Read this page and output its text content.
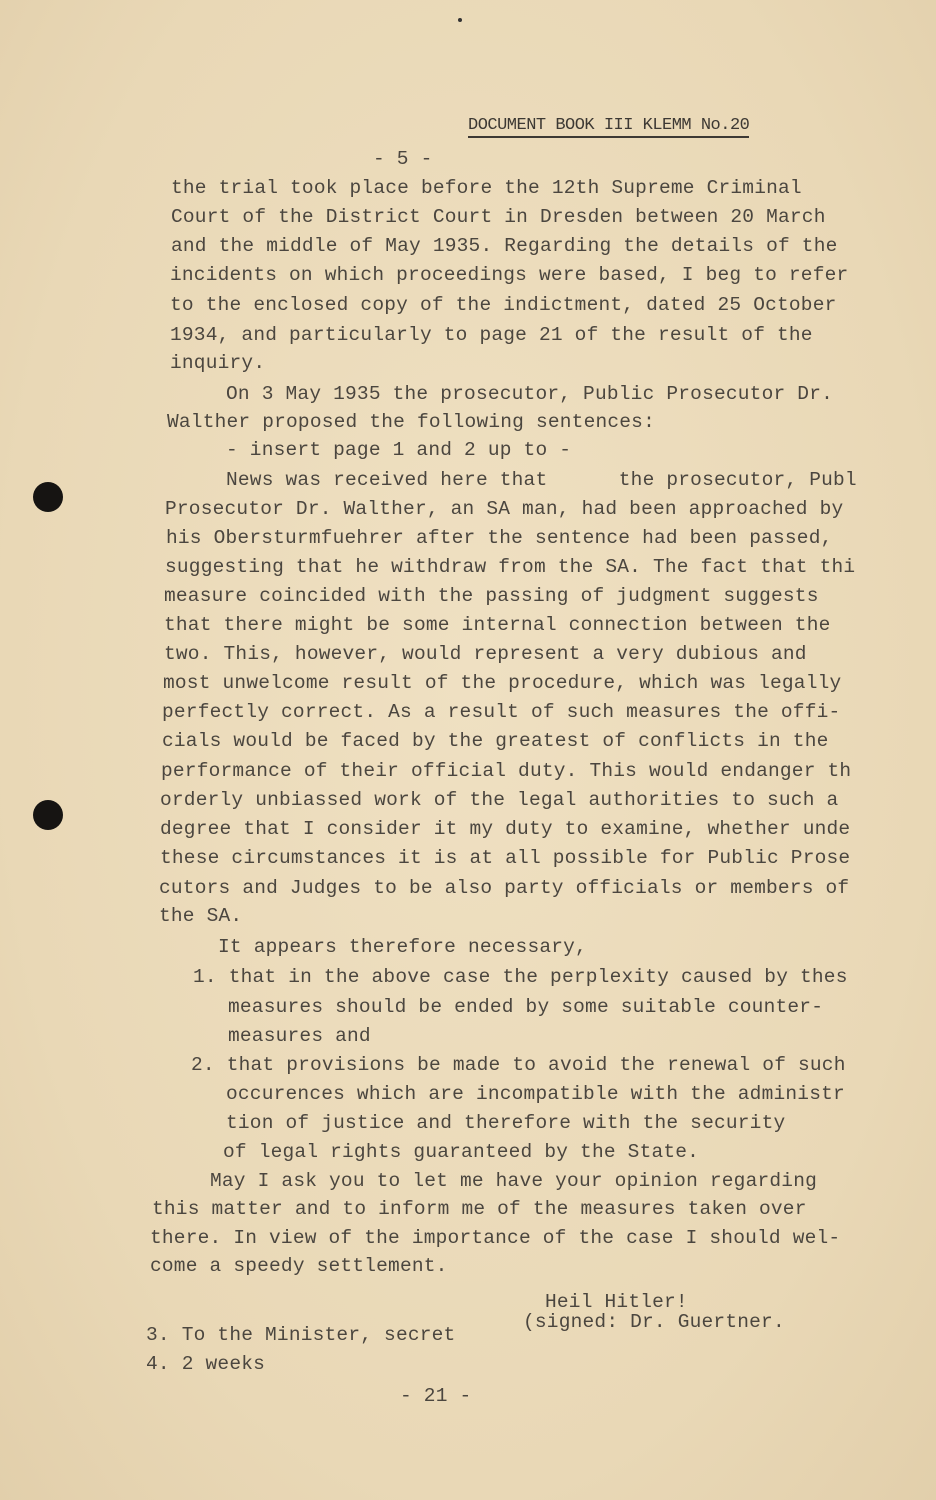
DOCUMENT BOOK III KLEMM No.20
- 5 -
the trial took place before the 12th Supreme Criminal
Court of the District Court in Dresden between 20 March
and the middle of May 1935. Regarding the details of the
incidents on which proceedings were based, I beg to refer
to the enclosed copy of the indictment, dated 25 October
1934, and particularly to page 21 of the result of the
inquiry.
On 3 May 1935 the prosecutor, Public Prosecutor Dr.
Walther proposed the following sentences:
- insert page 1 and 2 up to -
News was received here that      the prosecutor, Publ
Prosecutor Dr. Walther, an SA man, had been approached by
his Obersturmfuehrer after the sentence had been passed,
suggesting that he withdraw from the SA. The fact that thi
measure coincided with the passing of judgment suggests
that there might be some internal connection between the
two. This, however, would represent a very dubious and
most unwelcome result of the procedure, which was legally
perfectly correct. As a result of such measures the offi-
cials would be faced by the greatest of conflicts in the
performance of their official duty. This would endanger th
orderly unbiassed work of the legal authorities to such a
degree that I consider it my duty to examine, whether unde
these circumstances it is at all possible for Public Prose
cutors and Judges to be also party officials or members of
the SA.
It appears therefore necessary,
1. that in the above case the perplexity caused by thes
measures should be ended by some suitable counter-
measures and
2. that provisions be made to avoid the renewal of such
occurences which are incompatible with the administr
tion of justice and therefore with the security
of legal rights guaranteed by the State.
May I ask you to let me have your opinion regarding
this matter and to inform me of the measures taken over
there. In view of the importance of the case I should wel-
come a speedy settlement.
Heil Hitler!
(signed: Dr. Guertner.
3. To the Minister, secret
4. 2 weeks
- 21 -
